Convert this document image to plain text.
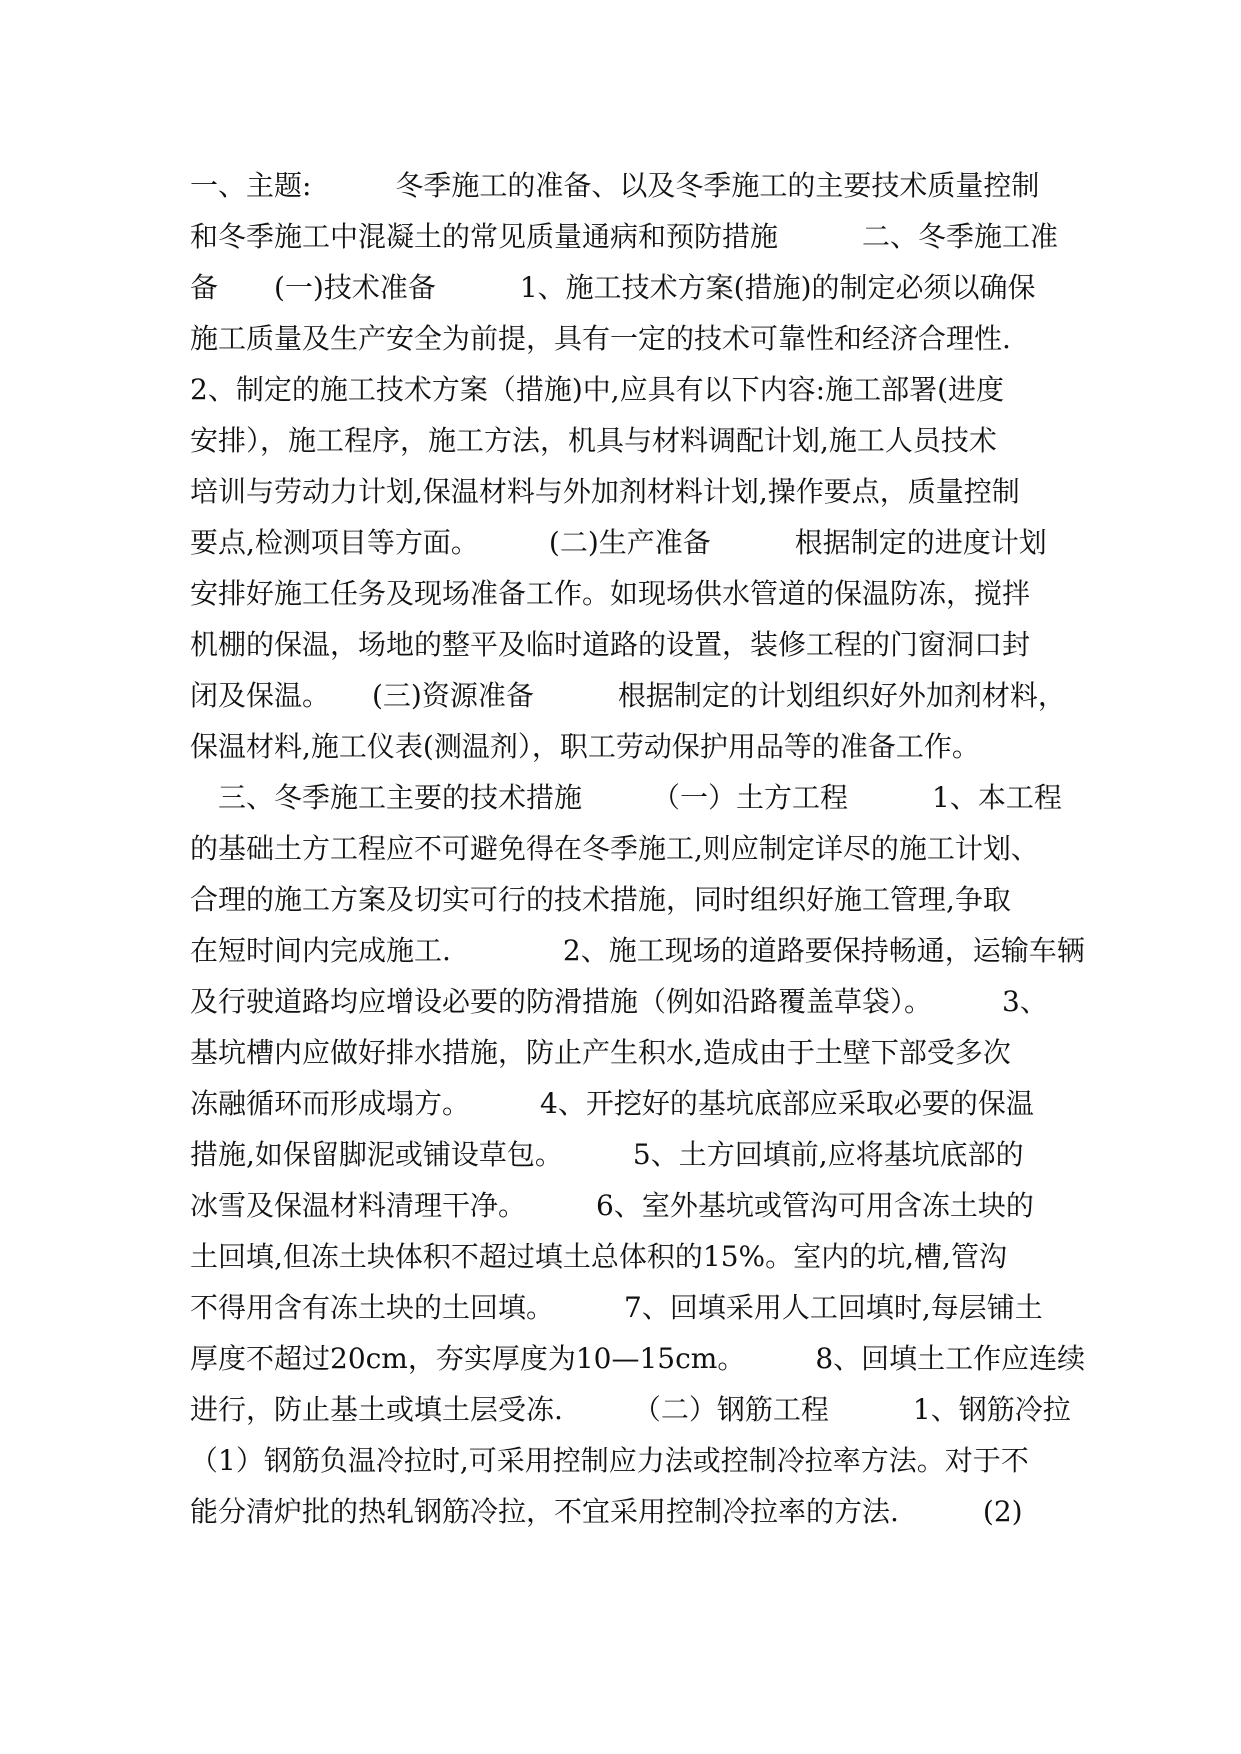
一、主题:　　　冬季施工的准备、以及冬季施工的主要技术质量控制
和冬季施工中混凝土的常见质量通病和预防措施　　　二、冬季施工准
备　　(一)技术准备　　　1、施工技术方案(措施)的制定必须以确保
施工质量及生产安全为前提，具有一定的技术可靠性和经济合理性.
2、制定的施工技术方案（措施)中,应具有以下内容:施工部署(进度
安排），施工程序，施工方法，机具与材料调配计划,施工人员技术
培训与劳动力计划,保温材料与外加剂材料计划,操作要点，质量控制
要点,检测项目等方面。　　　(二)生产准备　　　根据制定的进度计划
安排好施工任务及现场准备工作。如现场供水管道的保温防冻，搅拌
机棚的保温，场地的整平及临时道路的设置，装修工程的门窗洞口封
闭及保温。　　(三)资源准备　　　根据制定的计划组织好外加剂材料，
保温材料,施工仪表(测温剂），职工劳动保护用品等的准备工作。
　三、冬季施工主要的技术措施　　　（一）土方工程　　　1、本工程
的基础土方工程应不可避免得在冬季施工,则应制定详尽的施工计划、
合理的施工方案及切实可行的技术措施，同时组织好施工管理,争取
在短时间内完成施工.　　　　2、施工现场的道路要保持畅通，运输车辆
及行驶道路均应增设必要的防滑措施（例如沿路覆盖草袋）。　　　3、
基坑槽内应做好排水措施，防止产生积水,造成由于土壁下部受多次
冻融循环而形成塌方。　　　4、开挖好的基坑底部应采取必要的保温
措施,如保留脚泥或铺设草包。　　　5、土方回填前,应将基坑底部的
冰雪及保温材料清理干净。　　　6、室外基坑或管沟可用含冻土块的
土回填,但冻土块体积不超过填土总体积的15%。室内的坑,槽,管沟
不得用含有冻土块的土回填。　　　7、回填采用人工回填时,每层铺土
厚度不超过20cm，夯实厚度为10—15cm。　　　8、回填土工作应连续
进行，防止基土或填土层受冻.　　　（二）钢筋工程　　　1、钢筋冷拉
（1）钢筋负温冷拉时,可采用控制应力法或控制冷拉率方法。对于不
能分清炉批的热轧钢筋冷拉，不宜采用控制冷拉率的方法.　　　(2)
